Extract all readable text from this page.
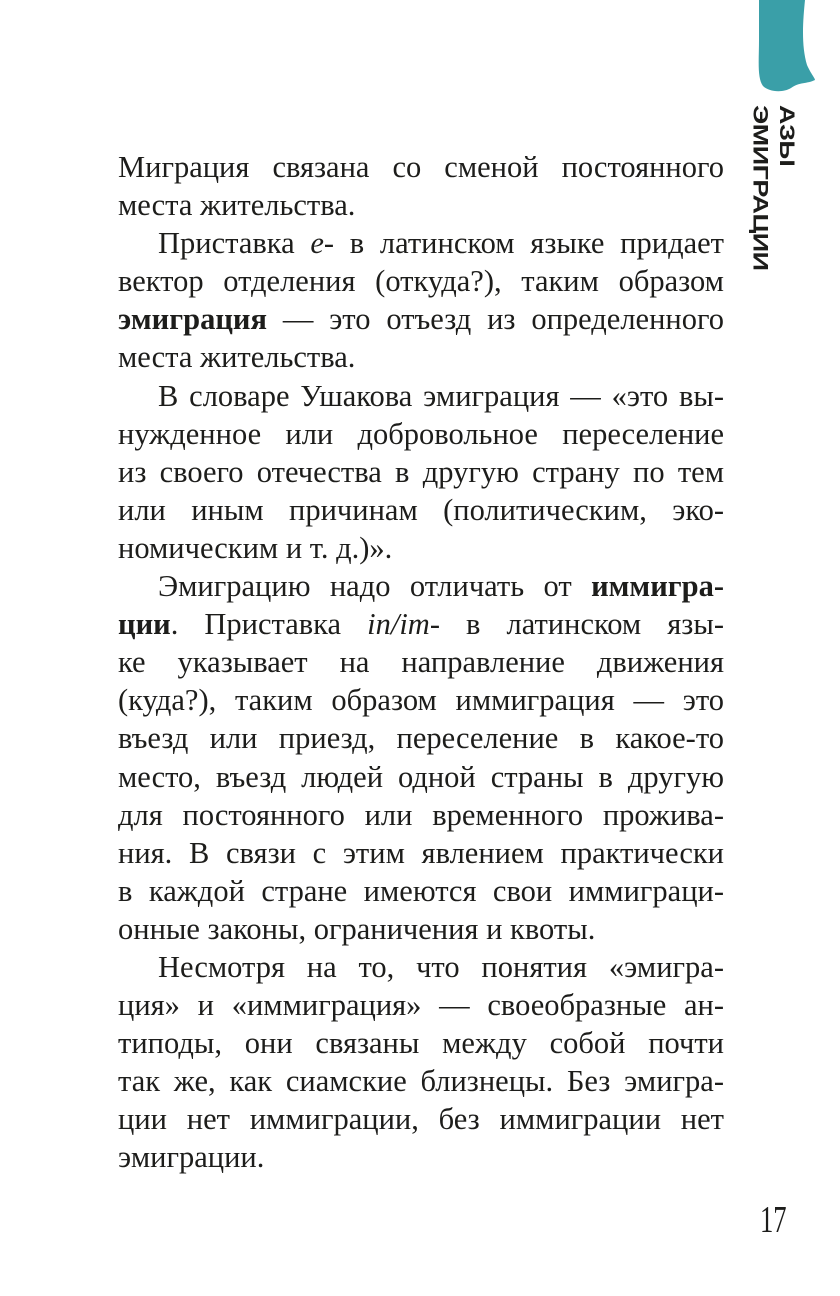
АЗЫ ЭМИГРАЦИИ
Миграция связана со сменой постоянного
места жительства.
Приставка e- в латинском языке придает
вектор отделения (откуда?), таким образом
эмиграция — это отъезд из определенного
места жительства.
В словаре Ушакова эмиграция — «это вы-
нужденное или добровольное переселение
из своего отечества в другую страну по тем
или иным причинам (политическим, эко-
номическим и т. д.)».
Эмиграцию надо отличать от иммигра-
ции. Приставка in/im- в латинском язы-
ке указывает на направление движения
(куда?), таким образом иммиграция — это
въезд или приезд, переселение в какое-то
место, въезд людей одной страны в другую
для постоянного или временного прожива-
ния. В связи с этим явлением практически
в каждой стране имеются свои иммиграци-
онные законы, ограничения и квоты.
Несмотря на то, что понятия «эмигра-
ция» и «иммиграция» — своеобразные ан-
типоды, они связаны между собой почти
так же, как сиамские близнецы. Без эмигра-
ции нет иммиграции, без иммиграции нет
эмиграции.
17
